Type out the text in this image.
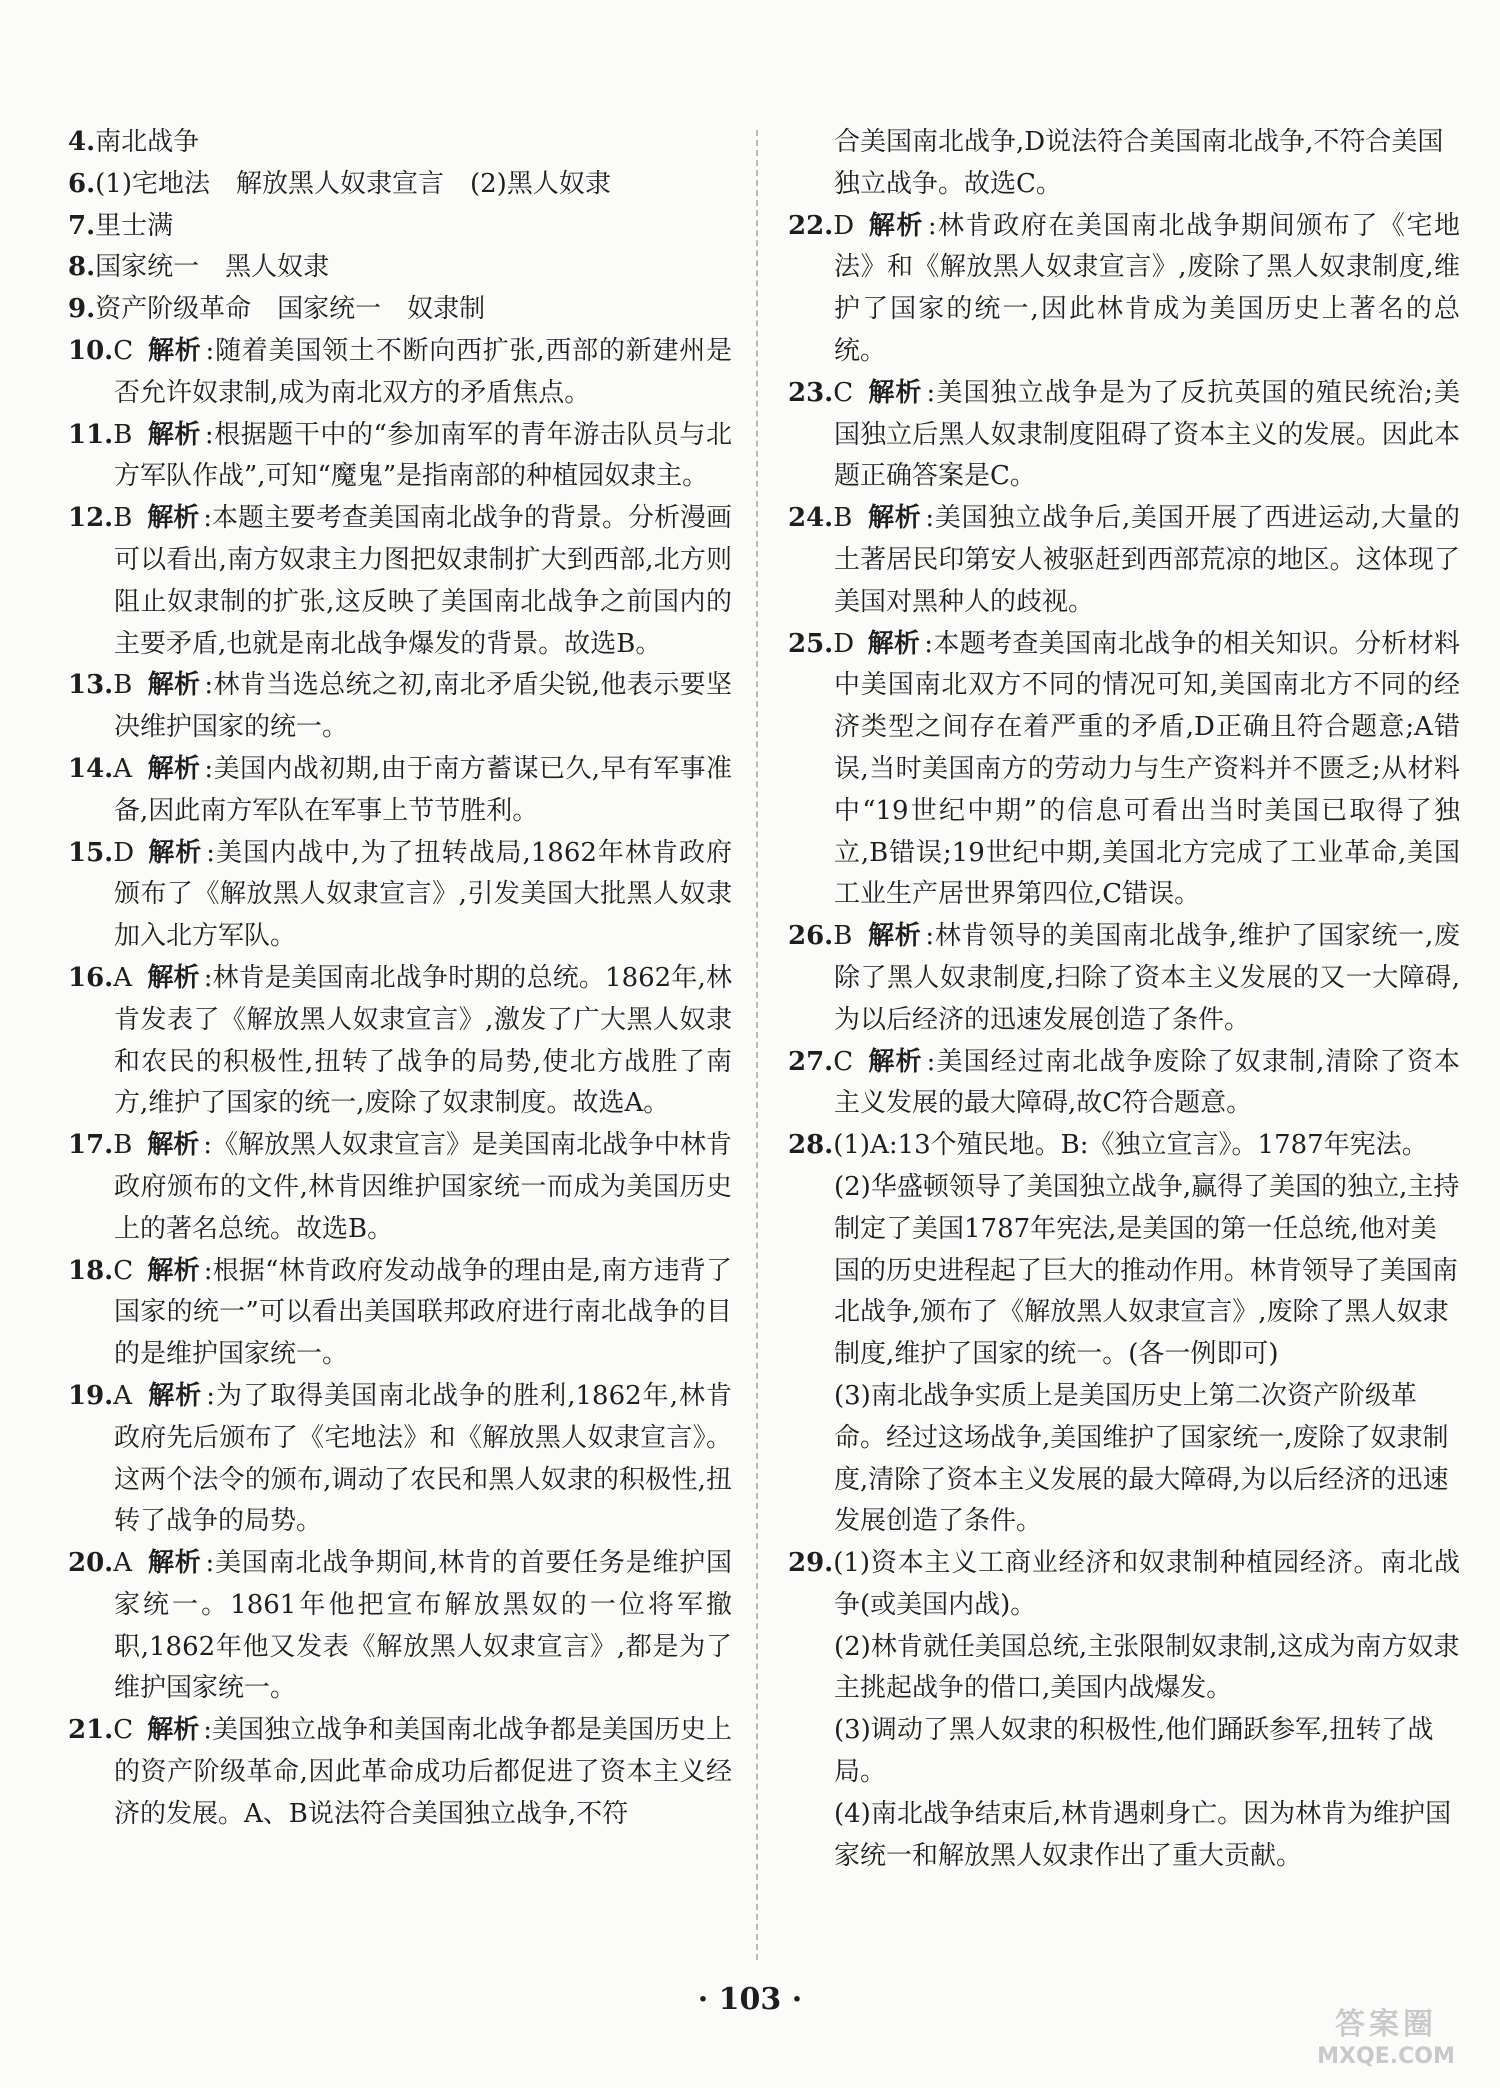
4.南北战争
6.(1)宅地法　解放黑人奴隶宣言　(2)黑人奴隶
7.里士满
8.国家统一　黑人奴隶
9.资产阶级革命　国家统一　奴隶制
10.C 解析 :随着美国领土不断向西扩张,西部的新建州是否允许奴隶制,成为南北双方的矛盾焦点。
11.B 解析 :根据题干中的“参加南军的青年游击队员与北方军队作战”,可知“魔鬼”是指南部的种植园奴隶主。
12.B 解析 :本题主要考查美国南北战争的背景。分析漫画可以看出,南方奴隶主力图把奴隶制扩大到西部,北方则阻止奴隶制的扩张,这反映了美国南北战争之前国内的主要矛盾,也就是南北战争爆发的背景。故选B。
13.B 解析 :林肯当选总统之初,南北矛盾尖锐,他表示要坚决维护国家的统一。
14.A 解析 :美国内战初期,由于南方蓄谋已久,早有军事准备,因此南方军队在军事上节节胜利。
15.D 解析 :美国内战中,为了扭转战局,1862年林肯政府颁布了《解放黑人奴隶宣言》,引发美国大批黑人奴隶加入北方军队。
16.A 解析 :林肯是美国南北战争时期的总统。1862年,林肯发表了《解放黑人奴隶宣言》,激发了广大黑人奴隶和农民的积极性,扭转了战争的局势,使北方战胜了南方,维护了国家的统一,废除了奴隶制度。故选A。
17.B 解析 :《解放黑人奴隶宣言》是美国南北战争中林肯政府颁布的文件,林肯因维护国家统一而成为美国历史上的著名总统。故选B。
18.C 解析 :根据“林肯政府发动战争的理由是,南方违背了国家的统一”可以看出美国联邦政府进行南北战争的目的是维护国家统一。
19.A 解析 :为了取得美国南北战争的胜利,1862年,林肯政府先后颁布了《宅地法》和《解放黑人奴隶宣言》。这两个法令的颁布,调动了农民和黑人奴隶的积极性,扭转了战争的局势。
20.A 解析 :美国南北战争期间,林肯的首要任务是维护国家统一。1861年他把宣布解放黑奴的一位将军撤职,1862年他又发表《解放黑人奴隶宣言》,都是为了维护国家统一。
21.C 解析 :美国独立战争和美国南北战争都是美国历史上的资产阶级革命,因此革命成功后都促进了资本主义经济的发展。A、B说法符合美国独立战争,不符
合美国南北战争,D说法符合美国南北战争,不符合美国独立战争。故选C。
22.D 解析 :林肯政府在美国南北战争期间颁布了《宅地法》和《解放黑人奴隶宣言》,废除了黑人奴隶制度,维护了国家的统一,因此林肯成为美国历史上著名的总统。
23.C 解析 :美国独立战争是为了反抗英国的殖民统治;美国独立后黑人奴隶制度阻碍了资本主义的发展。因此本题正确答案是C。
24.B 解析 :美国独立战争后,美国开展了西进运动,大量的土著居民印第安人被驱赶到西部荒凉的地区。这体现了美国对黑种人的歧视。
25.D 解析 :本题考查美国南北战争的相关知识。分析材料中美国南北双方不同的情况可知,美国南北方不同的经济类型之间存在着严重的矛盾,D正确且符合题意;A错误,当时美国南方的劳动力与生产资料并不匮乏;从材料中“19世纪中期”的信息可看出当时美国已取得了独立,B错误;19世纪中期,美国北方完成了工业革命,美国工业生产居世界第四位,C错误。
26.B 解析 :林肯领导的美国南北战争,维护了国家统一,废除了黑人奴隶制度,扫除了资本主义发展的又一大障碍,为以后经济的迅速发展创造了条件。
27.C 解析 :美国经过南北战争废除了奴隶制,清除了资本主义发展的最大障碍,故C符合题意。
28.(1)A:13个殖民地。B:《独立宣言》。1787年宪法。
(2)华盛顿领导了美国独立战争,赢得了美国的独立,主持制定了美国1787年宪法,是美国的第一任总统,他对美国的历史进程起了巨大的推动作用。林肯领导了美国南北战争,颁布了《解放黑人奴隶宣言》,废除了黑人奴隶制度,维护了国家的统一。(各一例即可)
(3)南北战争实质上是美国历史上第二次资产阶级革命。经过这场战争,美国维护了国家统一,废除了奴隶制度,清除了资本主义发展的最大障碍,为以后经济的迅速发展创造了条件。
29.(1)资本主义工商业经济和奴隶制种植园经济。南北战争(或美国内战)。
(2)林肯就任美国总统,主张限制奴隶制,这成为南方奴隶主挑起战争的借口,美国内战爆发。
(3)调动了黑人奴隶的积极性,他们踊跃参军,扭转了战局。
(4)南北战争结束后,林肯遇刺身亡。因为林肯为维护国家统一和解放黑人奴隶作出了重大贡献。
· 103 ·
答案圈
MXQE.COM
